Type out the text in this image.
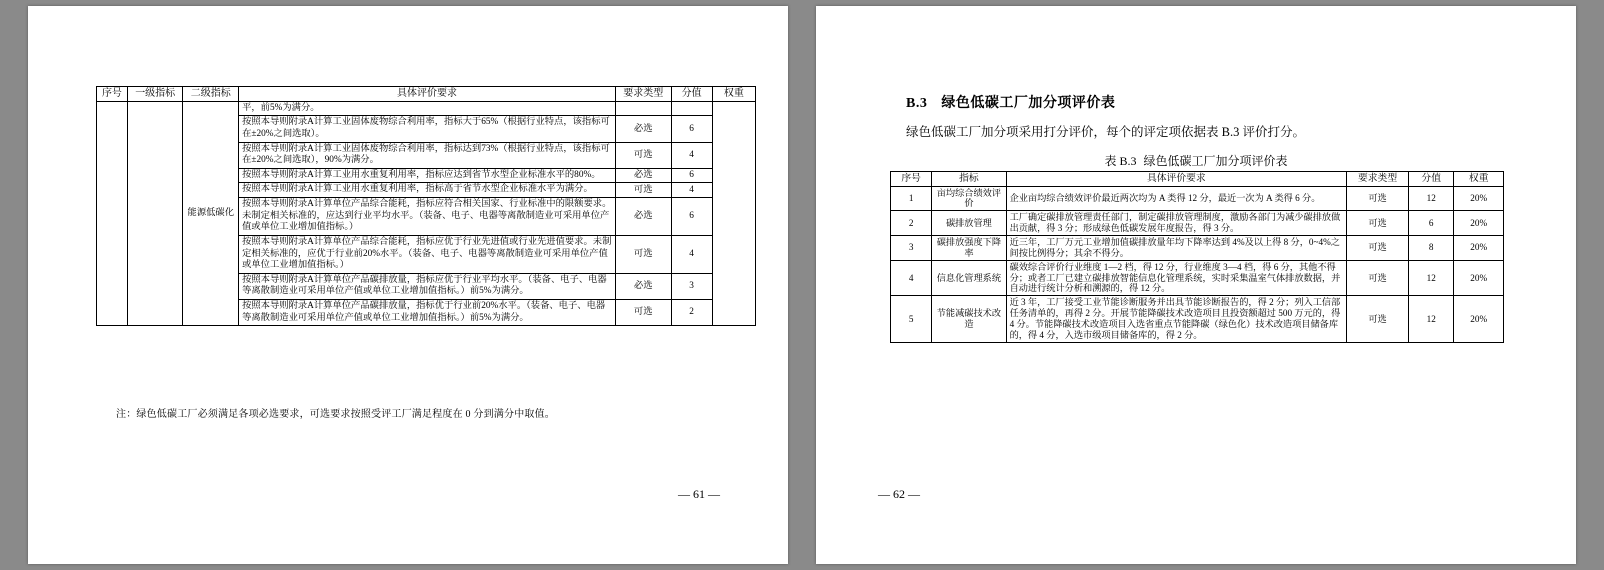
序号	一级指标	二级指标	具体评价要求	要求类型	分值	权重
		能源低碳化	平，前5%为满分。			
			按照本导则附录A计算工业固体废物综合利用率，指标大于65%（根据行业特点，该指标可在±20%之间选取）。	必选	6	
			按照本导则附录A计算工业固体废物综合利用率，指标达到73%（根据行业特点，该指标可在±20%之间选取），90%为满分。	可选	4	
			按照本导则附录A计算工业用水重复利用率，指标应达到省节水型企业标准水平的80%。	必选	6	
			按照本导则附录A计算工业用水重复利用率，指标高于省节水型企业标准水平为满分。	可选	4	
			按照本导则附录A计算单位产品综合能耗，指标应符合相关国家、行业标准中的限额要求。未制定相关标准的，应达到行业平均水平。（装备、电子、电器等离散制造业可采用单位产值或单位工业增加值指标。）	必选	6	
			按照本导则附录A计算单位产品综合能耗，指标应优于行业先进值或行业先进值要求。未制定相关标准的，应优于行业前20%水平。（装备、电子、电器等离散制造业可采用单位产值或单位工业增加值指标。）	可选	4	
			按照本导则附录A计算单位产品碳排放量，指标应优于行业平均水平。（装备、电子、电器等离散制造业可采用单位产值或单位工业增加值指标。）前5%为满分。	必选	3	
			按照本导则附录A计算单位产品碳排放量，指标优于行业前20%水平。（装备、电子、电器等离散制造业可采用单位产值或单位工业增加值指标。）前5%为满分。	可选	2	
注：绿色低碳工厂必须满足各项必选要求，可选要求按照受评工厂满足程度在 0 分到满分中取值。
— 61 —
B.3 绿色低碳工厂加分项评价表
绿色低碳工厂加分项采用打分评价，每个的评定项依据表 B.3 评价打分。
表 B.3 绿色低碳工厂加分项评价表
序号	指标	具体评价要求	要求类型	分值	权重
1	亩均综合绩效评价	企业亩均综合绩效评价最近两次均为 A 类得 12 分，最近一次为 A 类得 6 分。	可选	12	20%
2	碳排放管理	工厂确定碳排放管理责任部门，制定碳排放管理制度，激励各部门为减少碳排放做出贡献，得 3 分；形成绿色低碳发展年度报告，得 3 分。	可选	6	20%
3	碳排放强度下降率	近三年，工厂万元工业增加值碳排放量年均下降率达到 4%及以上得 8 分，0~4%之间按比例得分；其余不得分。	可选	8	20%
4	信息化管理系统	碳效综合评价行业维度 1—2 档，得 12 分，行业维度 3—4 档，得 6 分，其他不得分；或者工厂已建立碳排放智能信息化管理系统，实时采集温室气体排放数据，并自动进行统计分析和溯源的，得 12 分。	可选	12	20%
5	节能减碳技术改造	近 3 年，工厂接受工业节能诊断服务并出具节能诊断报告的，得 2 分；列入工信部任务清单的，再得 2 分。开展节能降碳技术改造项目且投资额超过 500 万元的，得 4 分。节能降碳技术改造项目入选省重点节能降碳（绿色化）技术改造项目储备库的，得 4 分，入选市级项目储备库的，得 2 分。	可选	12	20%
— 62 —
